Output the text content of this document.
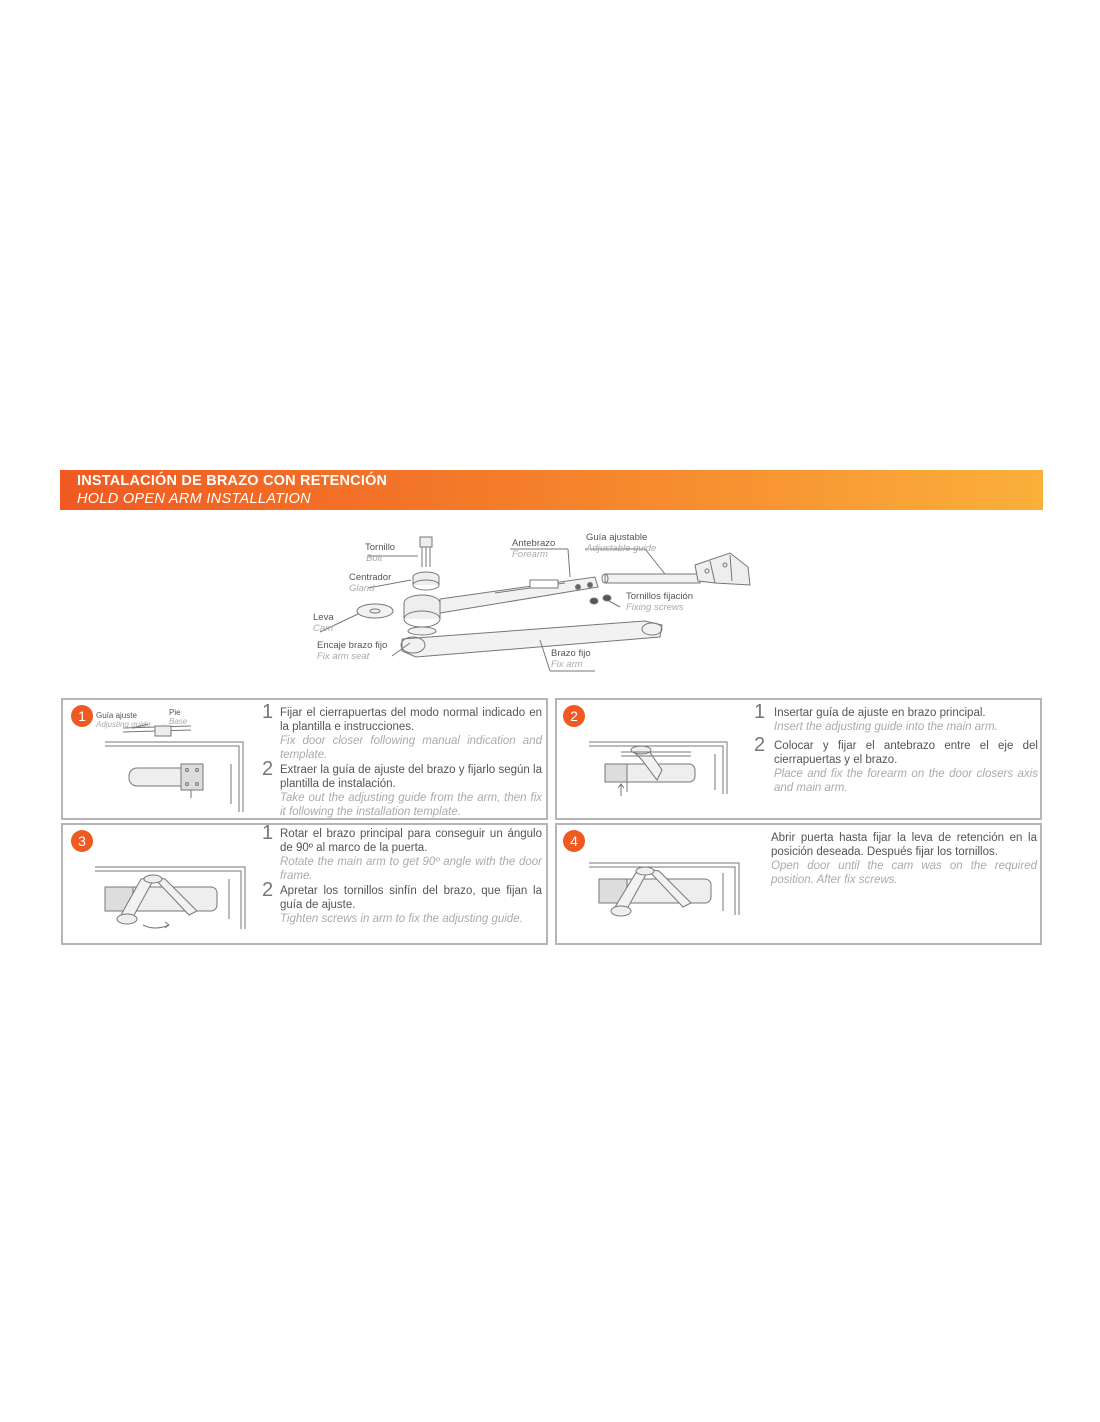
INSTALACIÓN DE BRAZO CON RETENCIÓN
HOLD OPEN ARM INSTALLATION
Tornillo
Bolt
Centrador
Gland
Leva
Cam
Encaje brazo fijo
Fix arm seat
Antebrazo
Forearm
Guía ajustable
Adjustable guide
Tornillos fijación
Fixing screws
Brazo fijo
Fix arm
1	Guía ajuste
Adjusting guide
Pie
Base	1 Fijar el cierrapuertas del modo normal indicado en la plantilla e instrucciones.
Fix door closer following manual indication and template.
2 Extraer la guía de ajuste del brazo y fijarlo según la plantilla de instalación.
Take out the adjusting guide from the arm, then fix it following the installation template.
2	1 Insertar guía de ajuste en brazo principal.
Insert the adjusting guide into the main arm.
2 Colocar y fijar el antebrazo entre el eje del cierrapuertas y el brazo.
Place and fix the forearm on the door closers axis and main arm.
3	1 Rotar el brazo principal para conseguir un ángulo de 90º al marco de la puerta.
Rotate the main arm to get 90º angle with the door frame.
2 Apretar los tornillos sinfín del brazo, que fijan la guía de ajuste.
Tighten screws in arm to fix the adjusting guide.
4	Abrir puerta hasta fijar la leva de retención en la posición deseada. Después fijar los tornillos.
Open door until the cam was on the required position. After fix screws.
